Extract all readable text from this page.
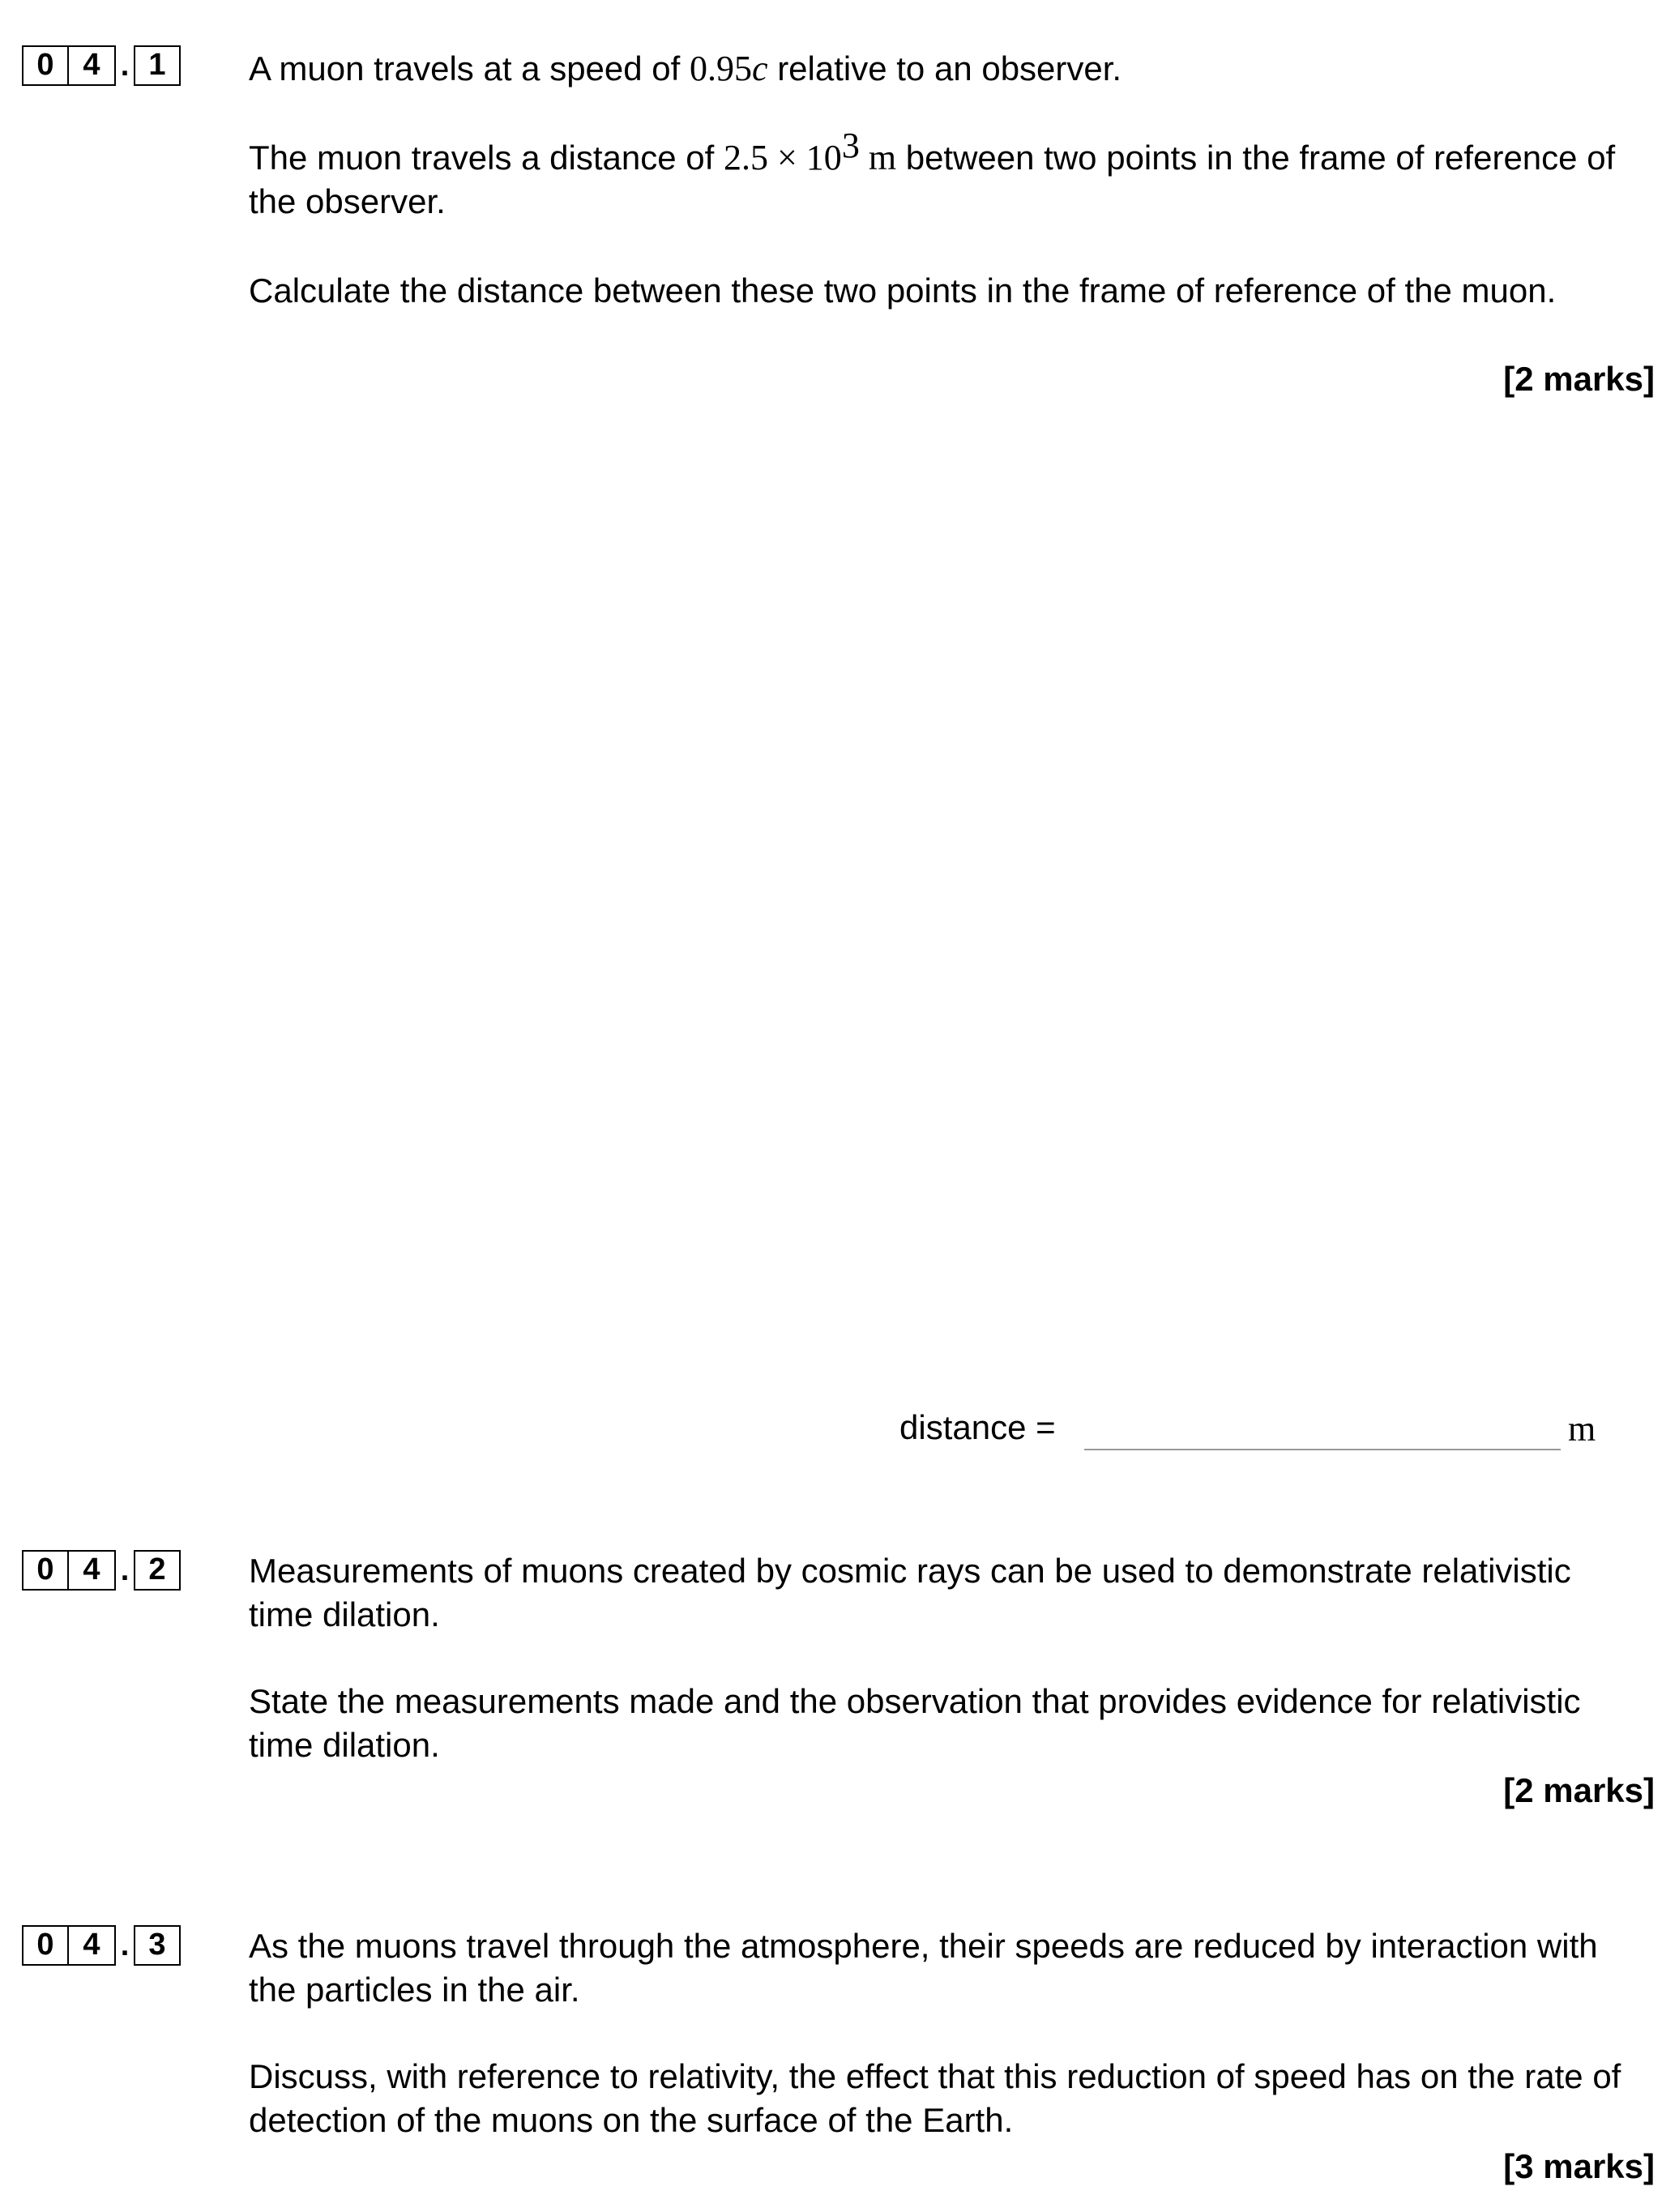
0 4 . 1	A muon travels at a speed of 0.95c relative to an observer.
The muon travels a distance of $2.5 \times 10^3$ m between two points in the frame of reference of the observer.
Calculate the distance between these two points in the frame of reference of the muon.
[2 marks]
distance =	m
0 4 . 2	Measurements of muons created by cosmic rays can be used to demonstrate relativistic time dilation.
State the measurements made and the observation that provides evidence for relativistic time dilation.
[2 marks]
0 4 . 3	As the muons travel through the atmosphere, their speeds are reduced by interaction with the particles in the air.
Discuss, with reference to relativity, the effect that this reduction of speed has on the rate of detection of the muons on the surface of the Earth.
[3 marks]
